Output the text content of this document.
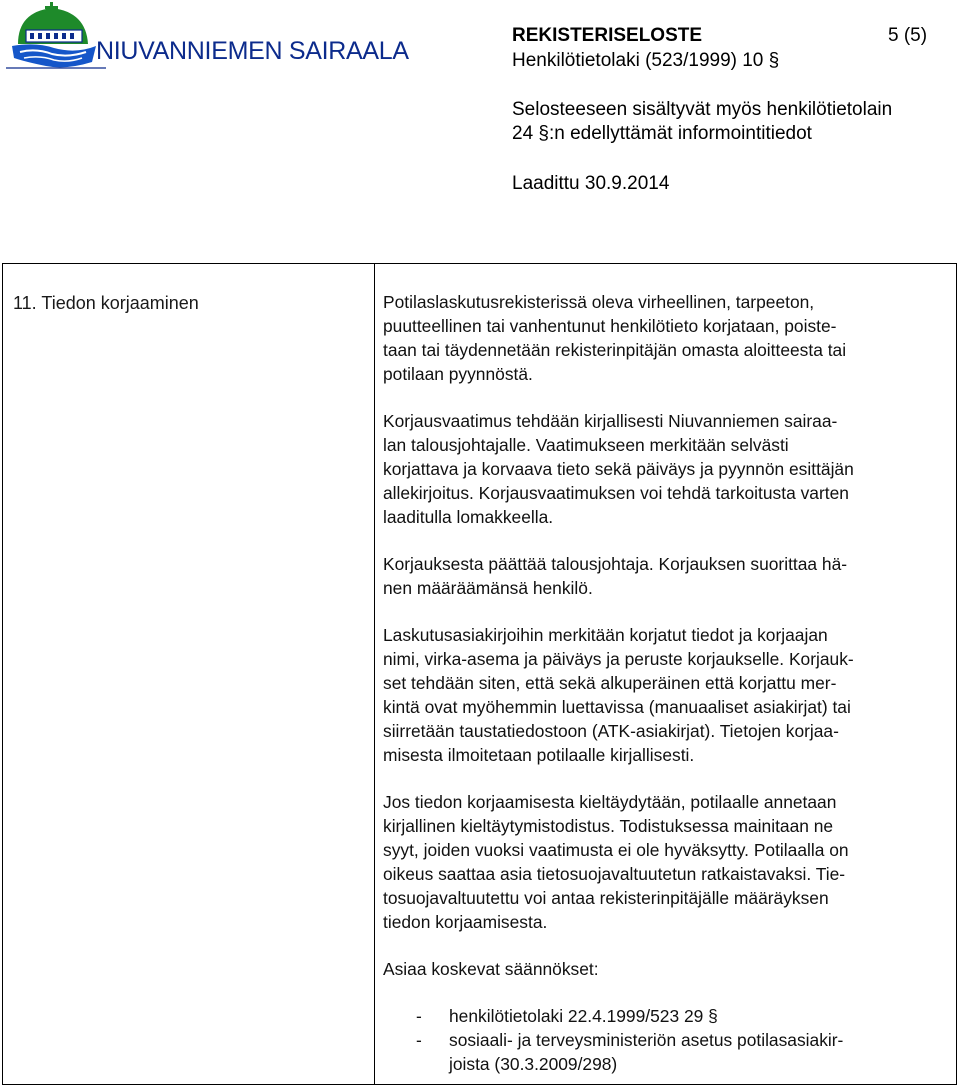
NIUVANNIEMEN SAIRAALA
REKISTERISELOSTE	5 (5)
Henkilötietolaki (523/1999) 10 §
Selosteeseen sisältyvät myös henkilötietolain
24 §:n edellyttämät informointitiedot
Laadittu 30.9.2014
11. Tiedon korjaaminen	Potilaslaskutusrekisterissä oleva virheellinen, tarpeeton,
puutteellinen tai vanhentunut henkilötieto korjataan, poiste-
taan tai täydennetään rekisterinpitäjän omasta aloitteesta tai
potilaan pyynnöstä.

Korjausvaatimus tehdään kirjallisesti Niuvanniemen sairaa-
lan talousjohtajalle. Vaatimukseen merkitään selvästi
korjattava ja korvaava tieto sekä päiväys ja pyynnön esittäjän
allekirjoitus. Korjausvaatimuksen voi tehdä tarkoitusta varten
laaditulla lomakkeella.

Korjauksesta päättää talousjohtaja. Korjauksen suorittaa hä-
nen määräämänsä henkilö.

Laskutusasiakirjoihin merkitään korjatut tiedot ja korjaajan
nimi, virka-asema ja päiväys ja peruste korjaukselle. Korjauk-
set tehdään siten, että sekä alkuperäinen että korjattu mer-
kintä ovat myöhemmin luettavissa (manuaaliset asiakirjat) tai
siirretään taustatiedostoon (ATK-asiakirjat). Tietojen korjaa-
misesta ilmoitetaan potilaalle kirjallisesti.

Jos tiedon korjaamisesta kieltäydytään, potilaalle annetaan
kirjallinen kieltäytymistodistus. Todistuksessa mainitaan ne
syyt, joiden vuoksi vaatimusta ei ole hyväksytty. Potilaalla on
oikeus saattaa asia tietosuojavaltuutetun ratkaistavaksi. Tie-
tosuojavaltuutettu voi antaa rekisterinpitäjälle määräyksen
tiedon korjaamisesta.

Asiaa koskevat säännökset:

-	henkilötietolaki 22.4.1999/523 29 §
-	sosiaali- ja terveysministeriön asetus potilasasiakir-
joista (30.3.2009/298)
